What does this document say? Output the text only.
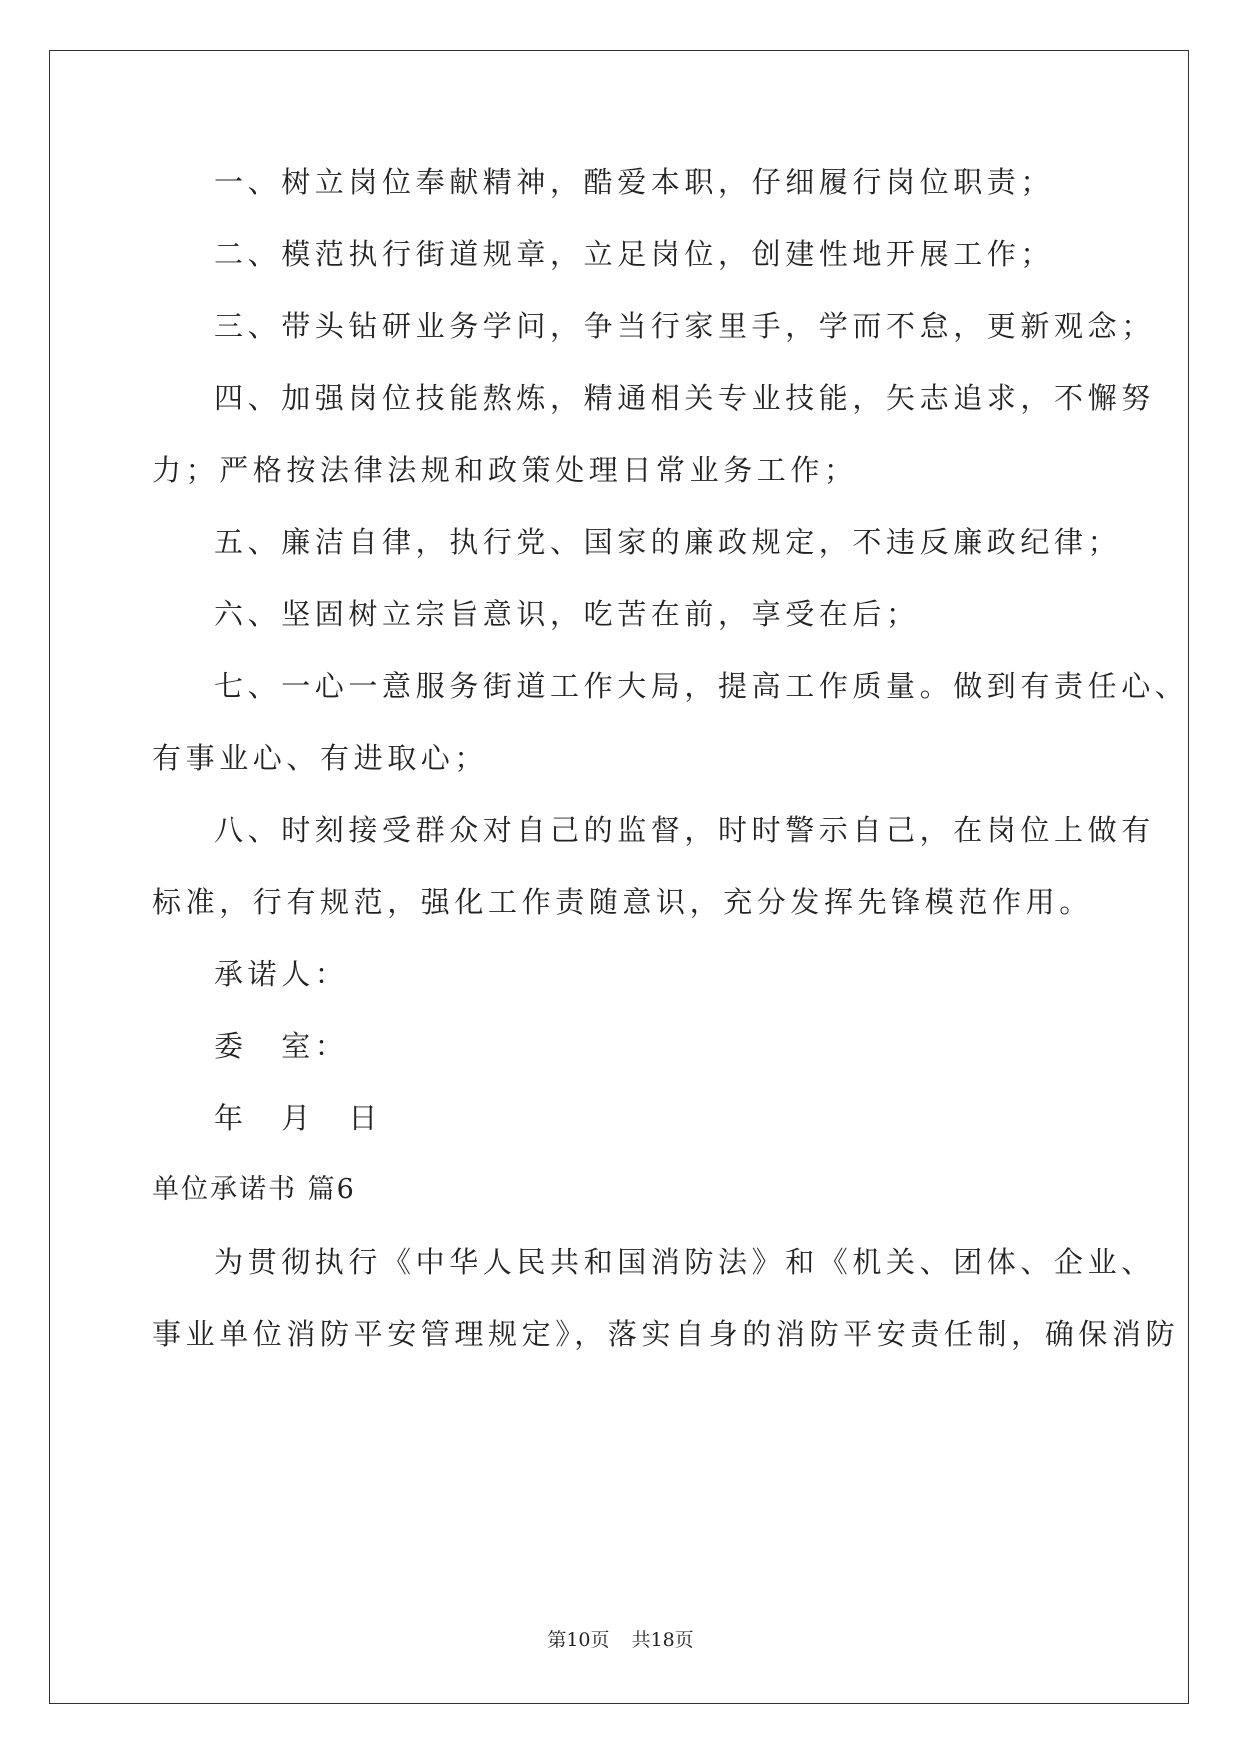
一、树立岗位奉献精神，酷爱本职，仔细履行岗位职责；
二、模范执行街道规章，立足岗位，创建性地开展工作；
三、带头钻研业务学问，争当行家里手，学而不怠，更新观念；
四、加强岗位技能熬炼，精通相关专业技能，矢志追求，不懈努
力；严格按法律法规和政策处理日常业务工作；
五、廉洁自律，执行党、国家的廉政规定，不违反廉政纪律；
六、坚固树立宗旨意识，吃苦在前，享受在后；
七、一心一意服务街道工作大局，提高工作质量。做到有责任心、
有事业心、有进取心；
八、时刻接受群众对自己的监督，时时警示自己，在岗位上做有
标准，行有规范，强化工作责随意识，充分发挥先锋模范作用。
承诺人：
委　室：
年　月　日
单位承诺书 篇6
为贯彻执行《中华人民共和国消防法》和《机关、团体、企业、
事业单位消防平安管理规定》，落实自身的消防平安责任制，确保消防
第10页 共18页
